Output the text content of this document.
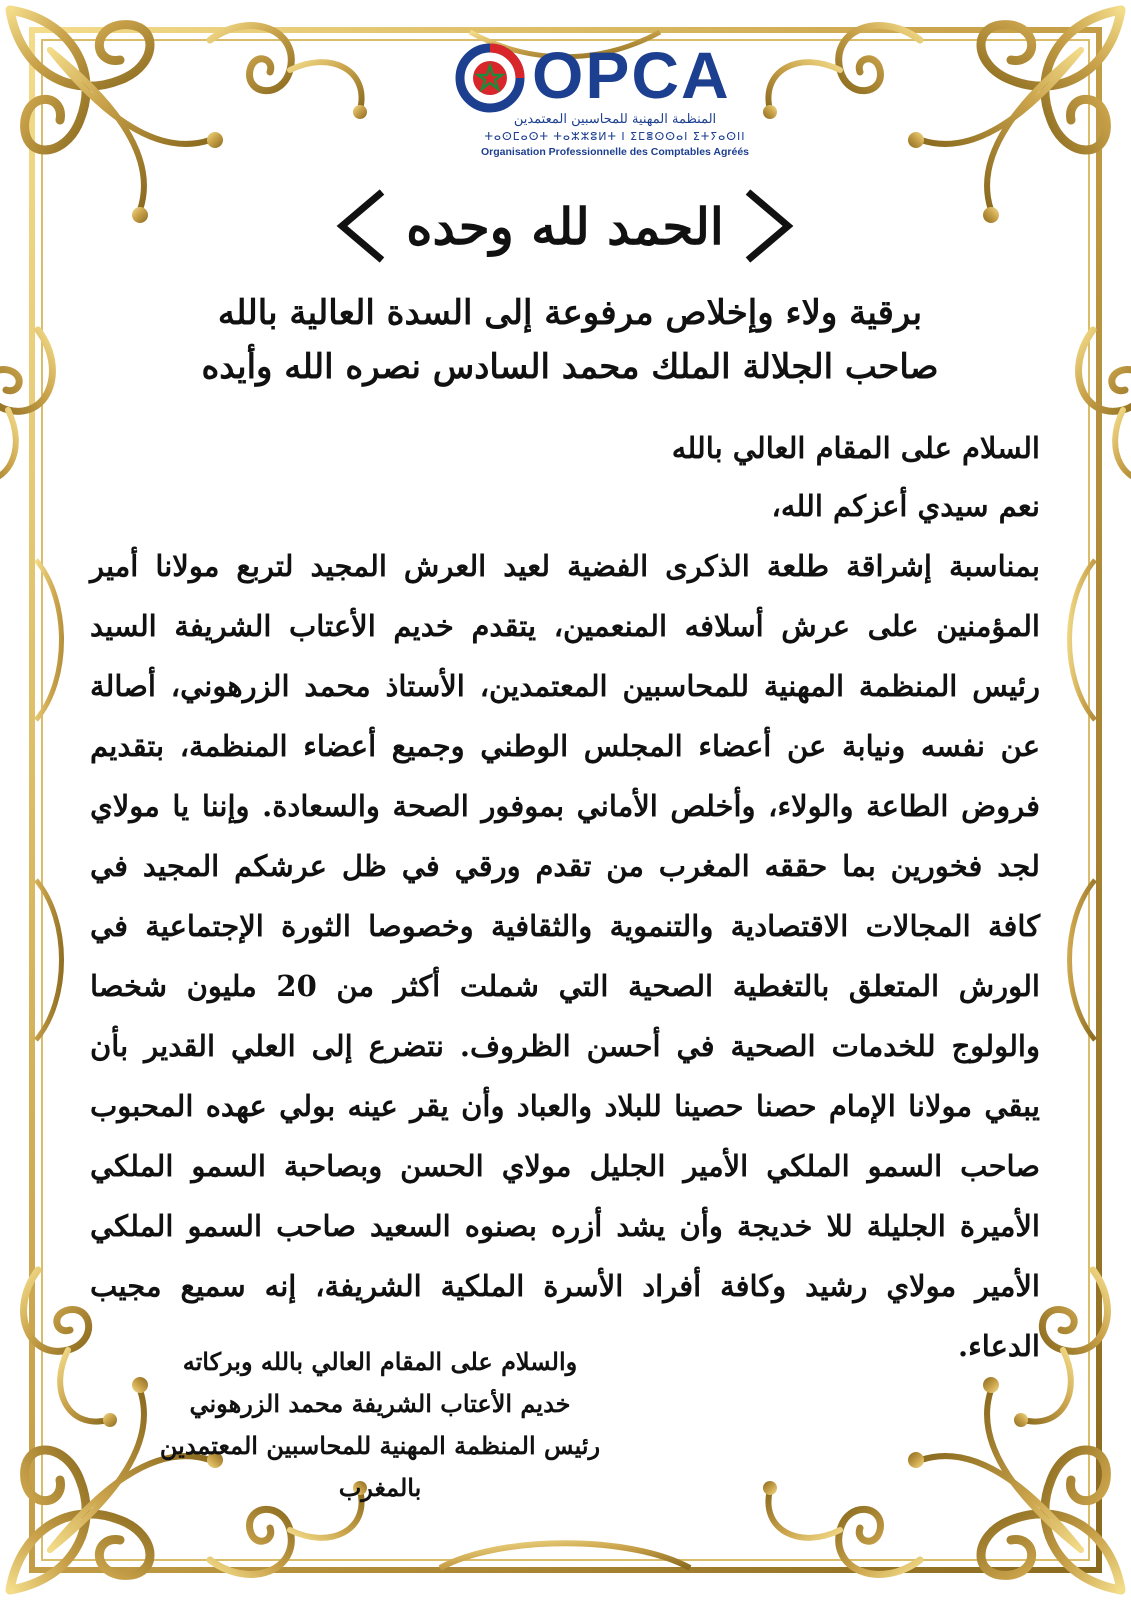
OPCA
المنظمة المهنية للمحاسبين المعتمدين
ⵜⴰⵙⵎⴰⵙⵜ ⵜⴰⵣⵣⵓⵍⵜ ⵏ ⵉⵎⴻⵙⵙⴰⵏ ⵉⵜⵢⴰⵙⵏⵏ
Organisation Professionnelle des Comptables Agréés
الحمد لله وحده
برقية ولاء وإخلاص مرفوعة إلى السدة العالية بالله
صاحب الجلالة الملك محمد السادس نصره الله وأيده
السلام على المقام العالي بالله
نعم سيدي أعزكم الله،
بمناسبة إشراقة طلعة الذكرى الفضية لعيد العرش المجيد لتربع مولانا أمير المؤمنين على عرش أسلافه المنعمين، يتقدم خديم الأعتاب الشريفة السيد رئيس المنظمة المهنية للمحاسبين المعتمدين، الأستاذ محمد الزرهوني، أصالة عن نفسه ونيابة عن أعضاء المجلس الوطني وجميع أعضاء المنظمة، بتقديم فروض الطاعة والولاء، وأخلص الأماني بموفور الصحة والسعادة. وإننا يا مولاي لجد فخورين بما حققه المغرب من تقدم ورقي في ظل عرشكم المجيد في كافة المجالات الاقتصادية والتنموية والثقافية وخصوصا الثورة الإجتماعية في الورش المتعلق بالتغطية الصحية التي شملت أكثر من 20 مليون شخصا والولوج للخدمات الصحية في أحسن الظروف. نتضرع إلى العلي القدير بأن يبقي مولانا الإمام حصنا حصينا للبلاد والعباد وأن يقر عينه بولي عهده المحبوب صاحب السمو الملكي الأمير الجليل مولاي الحسن وبصاحبة السمو الملكي الأميرة الجليلة للا خديجة وأن يشد أزره بصنوه السعيد صاحب السمو الملكي الأمير مولاي رشيد وكافة أفراد الأسرة الملكية الشريفة، إنه سميع مجيب الدعاء.
والسلام على المقام العالي بالله وبركاته
خديم الأعتاب الشريفة محمد الزرهوني
رئيس المنظمة المهنية للمحاسبين المعتمدين
بالمغرب
